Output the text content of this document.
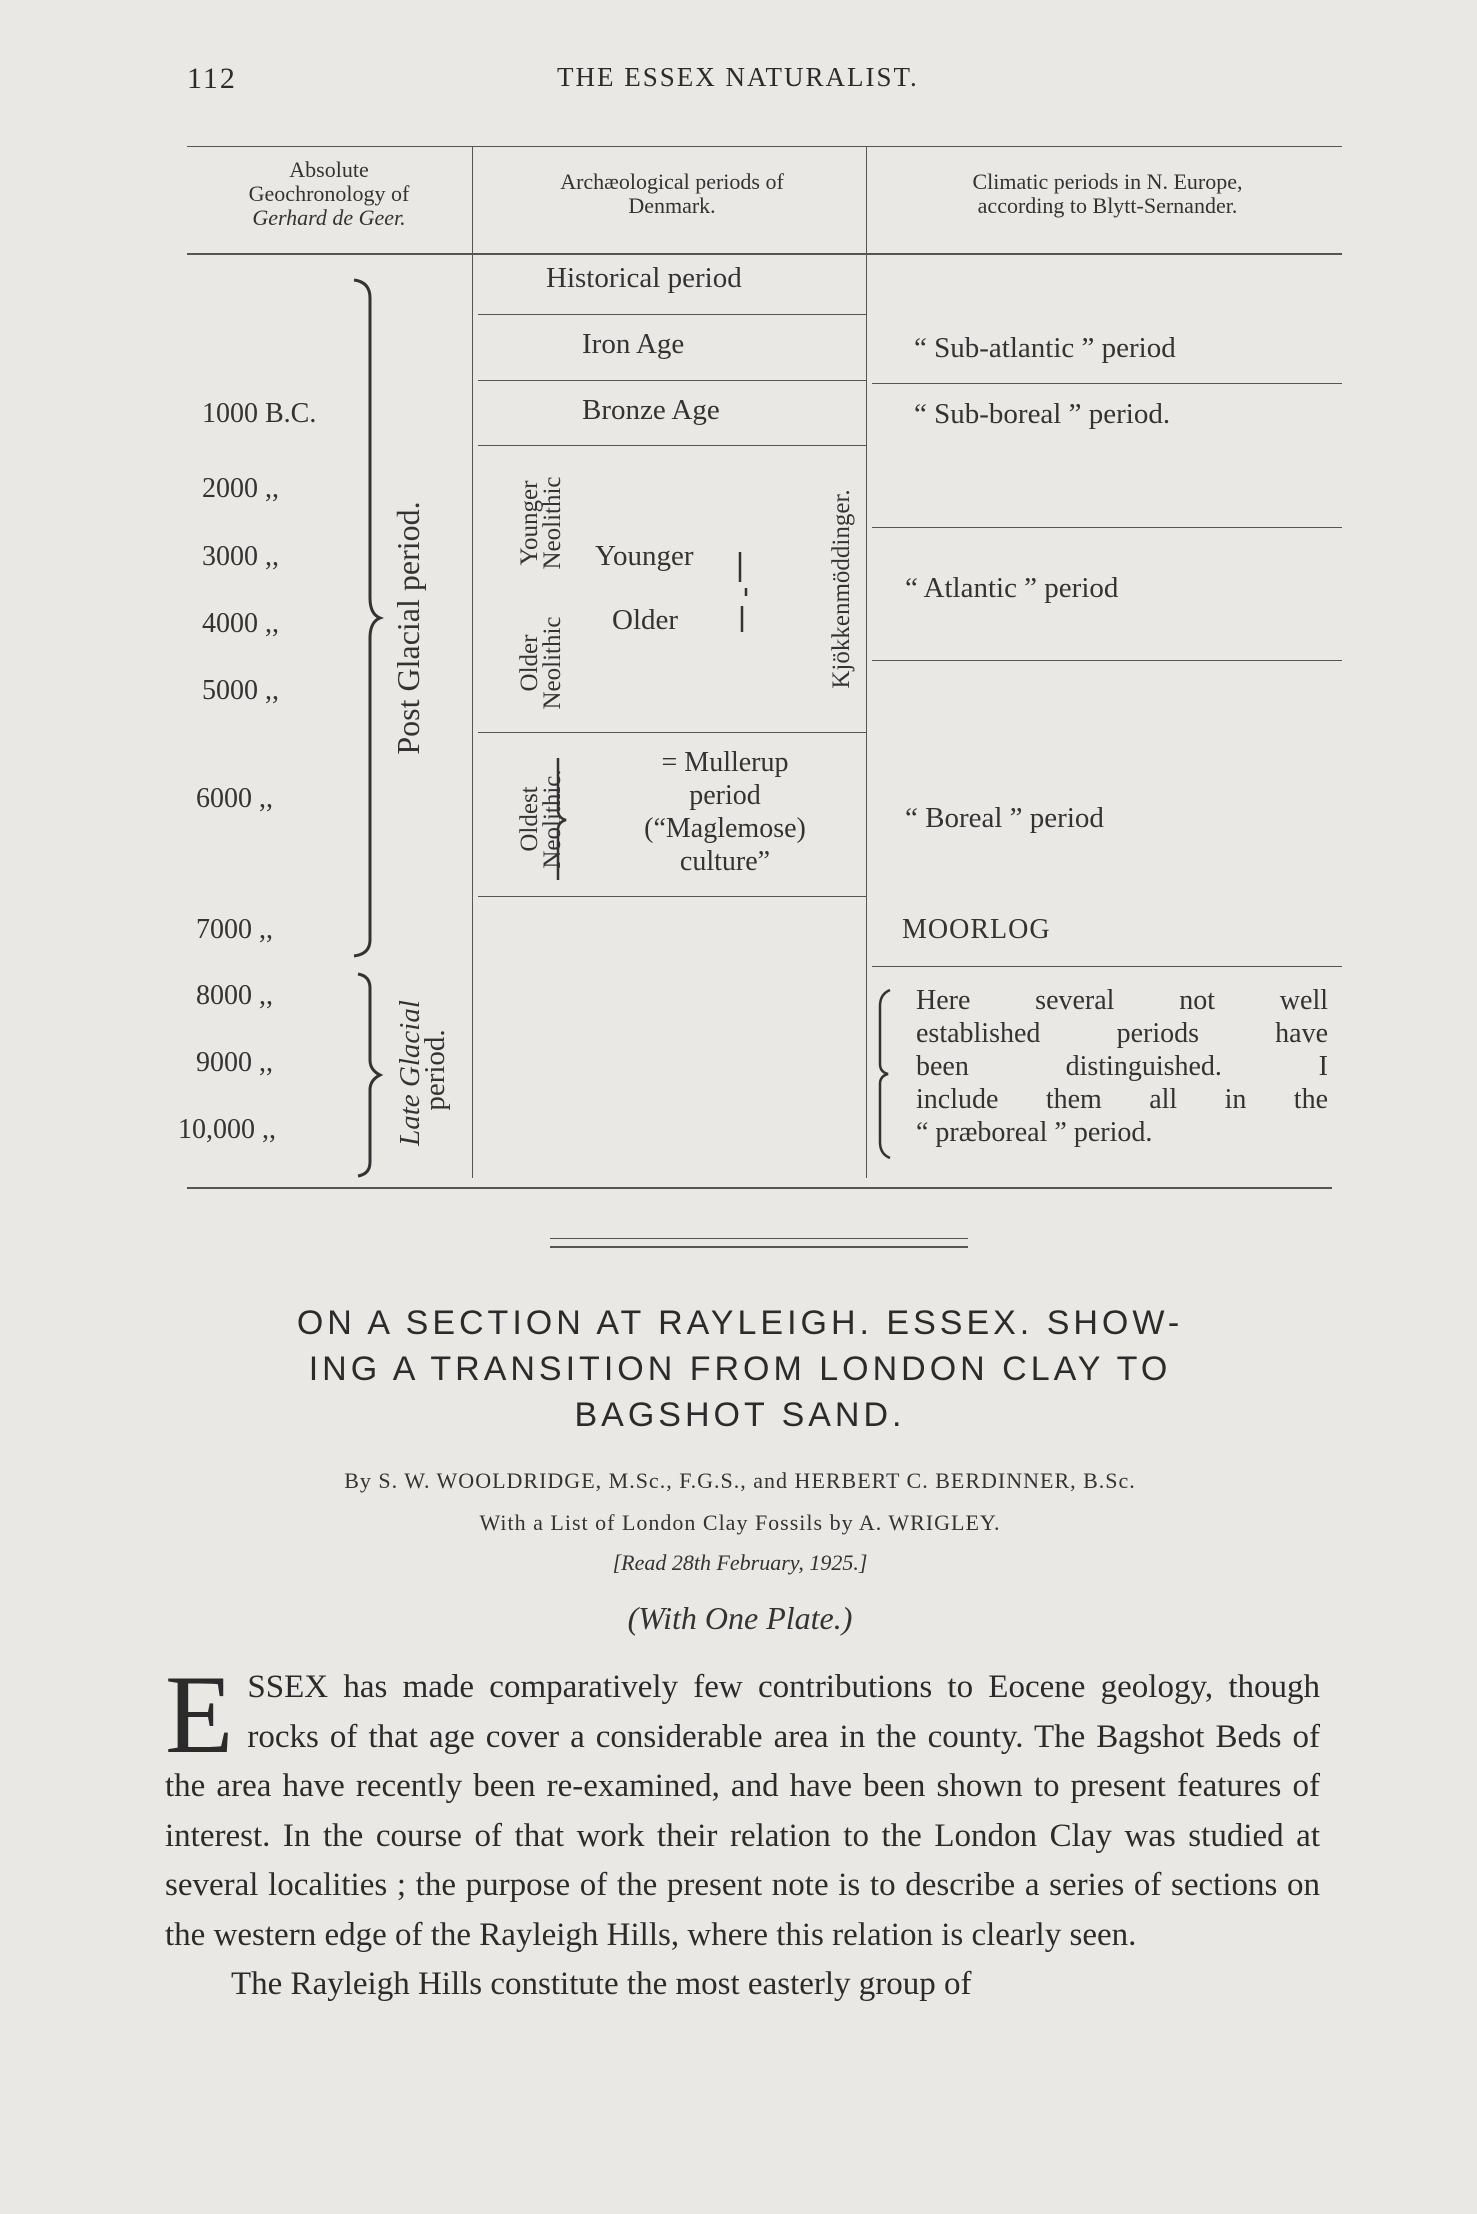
112	THE ESSEX NATURALIST.
Absolute
Geochronology of
Gerhard de Geer.
Archæological periods of
Denmark.
Climatic periods in N. Europe,
according to Blytt-Sernander.
1000 B.C.
2000 ,,
3000 ,,
4000 ,,
5000 ,,
6000 ,,
7000 ,,
8000 ,,
9000 ,,
10,000 ,,
Post Glacial period.
Late Glacial
period.
Historical period
Iron Age
Bronze Age
Younger
Neolithic
Older
Neolithic
Younger
Older	Kjökkenmöddinger.
Oldest
Neolithic.
= Mullerup
period
(“Maglemose)
culture”
“ Sub-atlantic ” period
“ Sub-boreal ” period.
“ Atlantic ” period
“ Boreal ” period
MOORLOG
Here several not well
established periods have
been distinguished. I
include them all in the
“ præboreal ” period.
ON A SECTION AT RAYLEIGH. ESSEX. SHOW-
ING A TRANSITION FROM LONDON CLAY TO
BAGSHOT SAND.
By S. W. WOOLDRIDGE, M.Sc., F.G.S., and HERBERT C. BERDINNER, B.Sc.
With a List of London Clay Fossils by A. WRIGLEY.
[Read 28th February, 1925.]
(With One Plate.)

ESSEX has made comparatively few contributions to Eocene geology, though rocks of that age cover a considerable area in the county. The Bagshot Beds of the area have recently been re-examined, and have been shown to present features of interest. In the course of that work their relation to the London Clay was studied at several localities ; the purpose of the present note is to describe a series of sections on the western edge of the Rayleigh Hills, where this relation is clearly seen.

The Rayleigh Hills constitute the most easterly group of
